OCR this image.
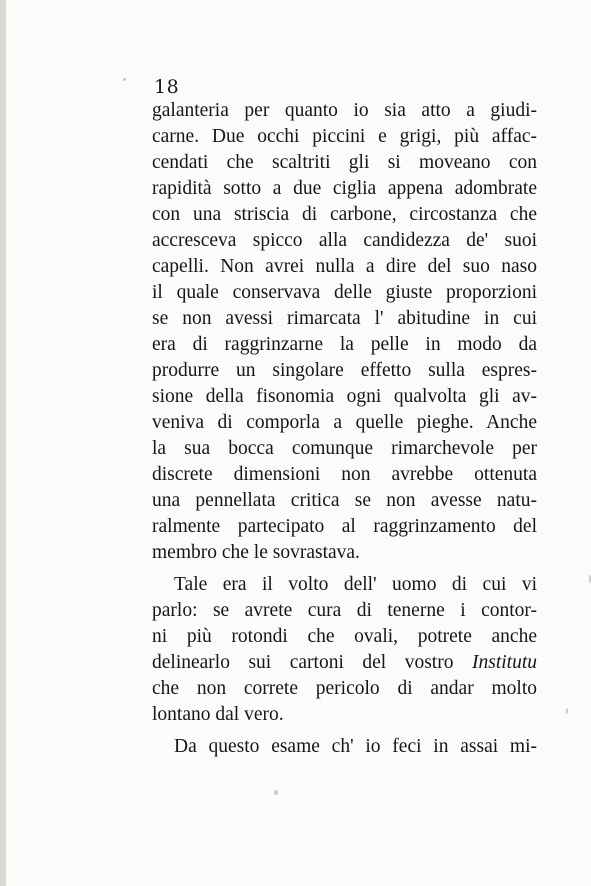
18
galanteria per quanto io sia atto a giudi-
carne. Due occhi piccini e grigi, più affac-
cendati che scaltriti gli si moveano con
rapidità sotto a due ciglia appena adombrate
con una striscia di carbone, circostanza che
accresceva spicco alla candidezza de' suoi
capelli. Non avrei nulla a dire del suo naso
il quale conservava delle giuste proporzioni
se non avessi rimarcata l' abitudine in cui
era di raggrinzarne la pelle in modo da
produrre un singolare effetto sulla espres-
sione della fisonomia ogni qualvolta gli av-
veniva di comporla a quelle pieghe. Anche
la sua bocca comunque rimarchevole per
discrete dimensioni non avrebbe ottenuta
una pennellata critica se non avesse natu-
ralmente partecipato al raggrinzamento del
membro che le sovrastava.
Tale era il volto dell' uomo di cui vi
parlo: se avrete cura di tenerne i contor-
ni più rotondi che ovali, potrete anche
delinearlo sui cartoni del vostro Institutu
che non correte pericolo di andar molto
lontano dal vero.
Da questo esame ch' io feci in assai mi-
